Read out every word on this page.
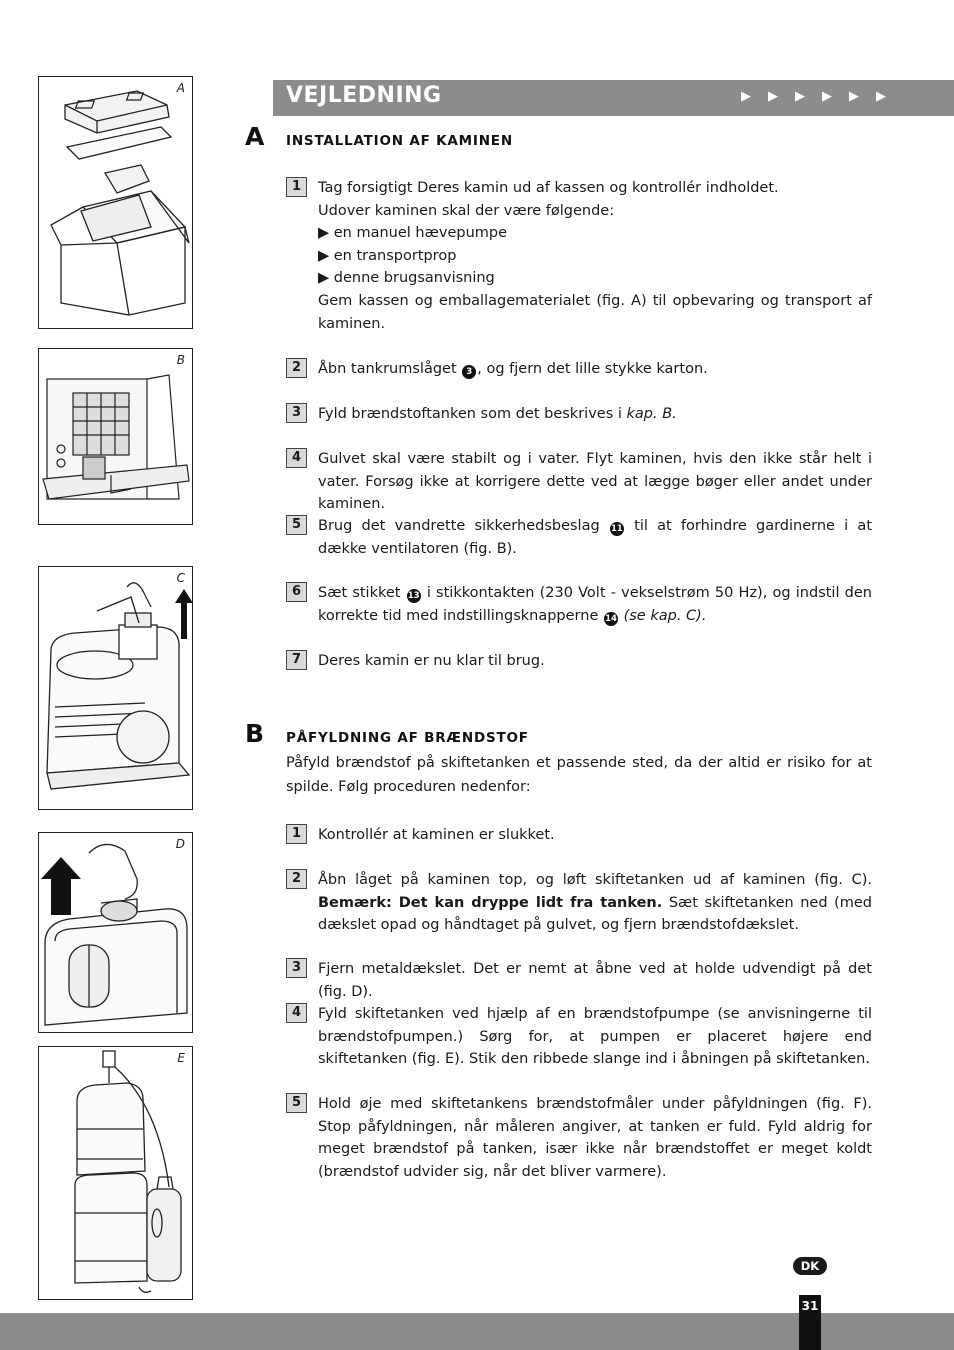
A
B
C
D
E
VEJLEDNING	▶ ▶ ▶ ▶ ▶ ▶
A INSTALLATION AF KAMINEN
1	Tag forsigtigt Deres kamin ud af kassen og kontrollér indholdet.

Udover kaminen skal der være følgende:

▶ en manuel hævepumpe

▶ en transportprop

▶ denne brugsanvisning

Gem kassen og emballagematerialet (fig. A) til opbevaring og transport af kaminen.

2	Åbn tankrumslåget 3 , og fjern det lille stykke karton.
3	Fyld brændstoftanken som det beskrives i kap. B.
4	Gulvet skal være stabilt og i vater. Flyt kaminen, hvis den ikke står helt i vater. Forsøg ikke at korrigere dette ved at lægge bøger eller andet under kaminen.
5	Brug det vandrette sikkerhedsbeslag 11 til at forhindre gardinerne i at dække ventilatoren (fig. B).
6	Sæt stikket 13 i stikkontakten (230 Volt - vekselstrøm 50 Hz), og indstil den korrekte tid med indstillingsknapperne 14 (se kap. C).
7	Deres kamin er nu klar til brug.
B PÅFYLDNING AF BRÆNDSTOF
Påfyld brændstof på skiftetanken et passende sted, da der altid er risiko for at spilde. Følg proceduren nedenfor:
1	Kontrollér at kaminen er slukket.
2	Åbn låget på kaminen top, og løft skiftetanken ud af kaminen (fig. C). Bemærk: Det kan dryppe lidt fra tanken. Sæt skiftetanken ned (med dækslet opad og håndtaget på gulvet, og fjern brændstofdækslet.
3	Fjern metaldækslet. Det er nemt at åbne ved at holde udvendigt på det (fig. D).
4	Fyld skiftetanken ved hjælp af en brændstofpumpe (se anvisningerne til brændstofpumpen.) Sørg for, at pumpen er placeret højere end skiftetanken (fig. E). Stik den ribbede slange ind i åbningen på skiftetanken.
5	Hold øje med skiftetankens brændstofmåler under påfyldningen (fig. F). Stop påfyldningen, når måleren angiver, at tanken er fuld. Fyld aldrig for meget brændstof på tanken, især ikke når brændstoffet er meget koldt (brændstof udvider sig, når det bliver varmere).
DK
31
